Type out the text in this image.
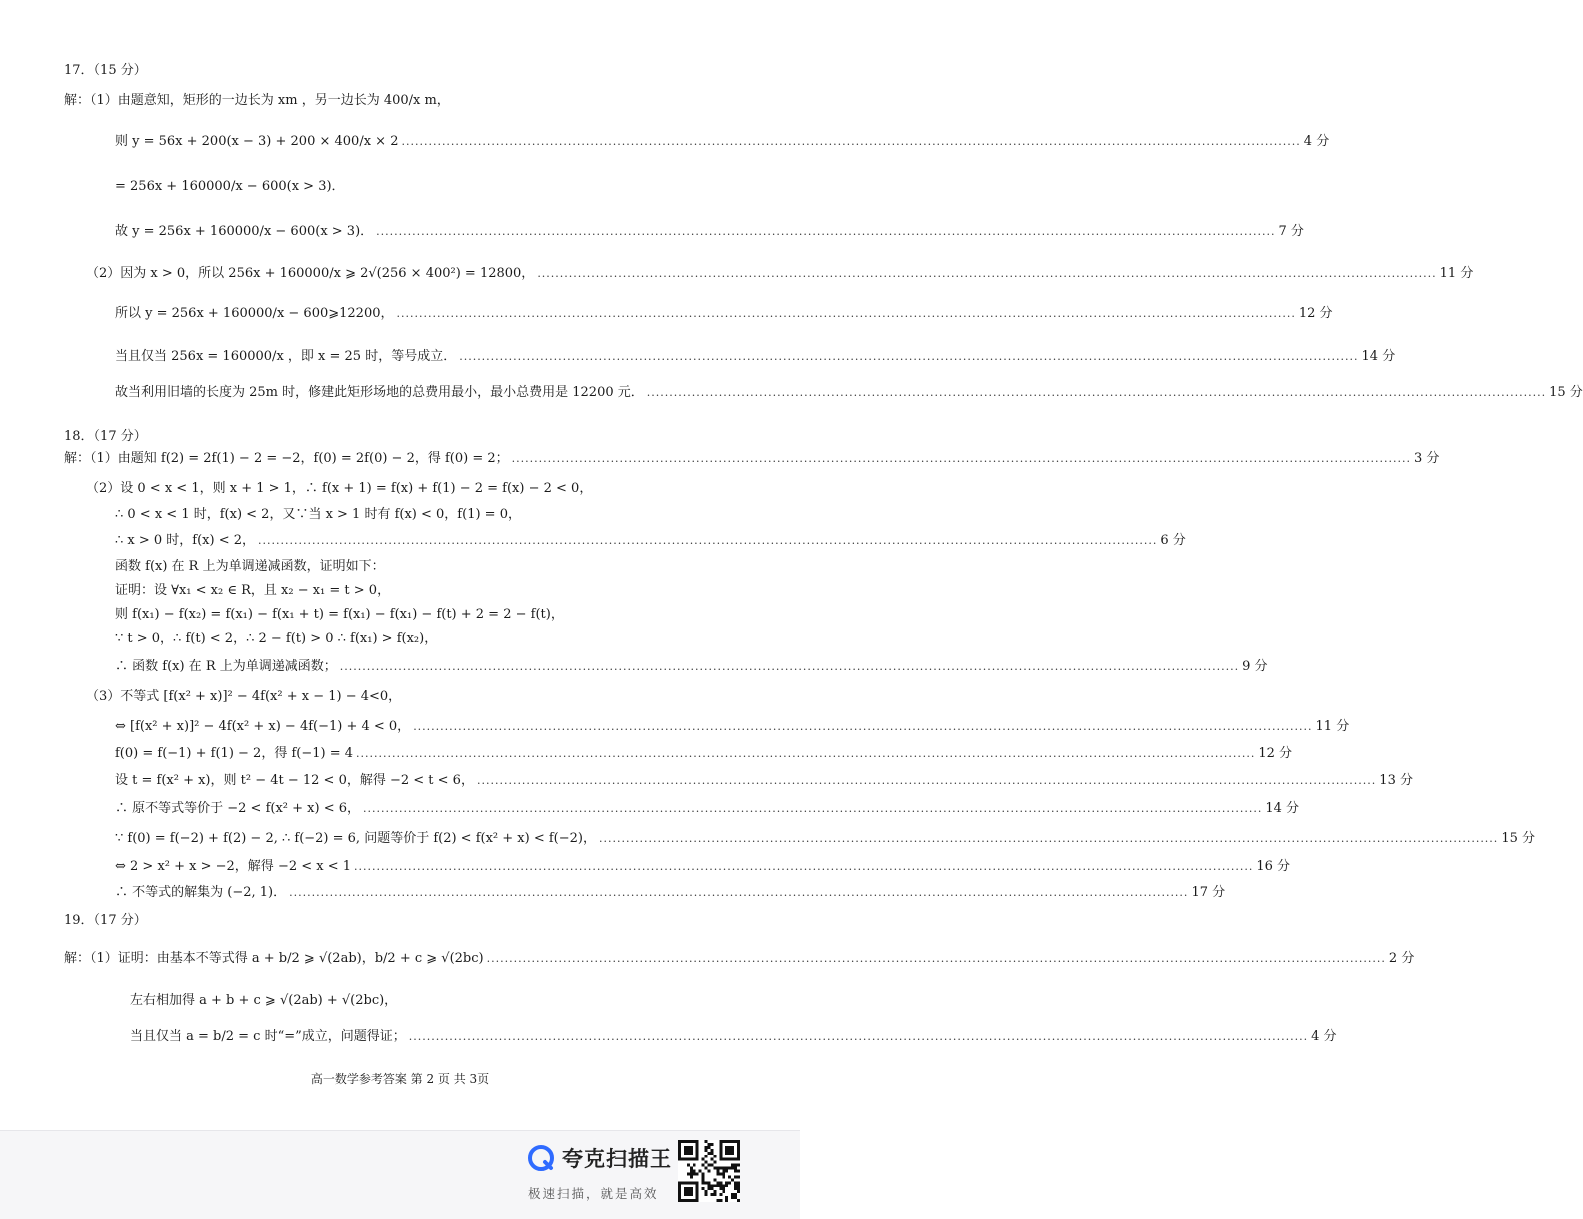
17．（15 分）
解：（1）由题意知，矩形的一边长为 xm ，另一边长为 400/x m，
则 y = 56x + 200(x − 3) + 200 × 400/x × 2 ........................................................................................................................................................................................................ 4 分
= 256x + 160000/x − 600(x > 3)．
故 y = 256x + 160000/x − 600(x > 3)． ........................................................................................................................................................................................................ 7 分
（2）因为 x > 0，所以 256x + 160000/x ⩾ 2√(256 × 400²) = 12800， ........................................................................................................................................................................................................ 11 分
所以 y = 256x + 160000/x − 600⩾12200， ........................................................................................................................................................................................................ 12 分
当且仅当 256x = 160000/x ，即 x = 25 时，等号成立． ........................................................................................................................................................................................................ 14 分
故当利用旧墙的长度为 25m 时，修建此矩形场地的总费用最小，最小总费用是 12200 元． ........................................................................................................................................................................................................ 15 分
18．（17 分）
解：（1）由题知 f(2) = 2f(1) − 2 = −2，f(0) = 2f(0) − 2，得 f(0) = 2； ........................................................................................................................................................................................................ 3 分
（2）设 0 < x < 1，则 x + 1 > 1，∴ f(x + 1) = f(x) + f(1) − 2 = f(x) − 2 < 0，
∴ 0 < x < 1 时，f(x) < 2，又∵当 x > 1 时有 f(x) < 0，f(1) = 0，
∴ x > 0 时，f(x) < 2， ........................................................................................................................................................................................................ 6 分
函数 f(x) 在 R 上为单调递减函数，证明如下：
证明：设 ∀x₁ < x₂ ∈ R，且 x₂ − x₁ = t > 0，
则 f(x₁) − f(x₂) = f(x₁) − f(x₁ + t) = f(x₁) − f(x₁) − f(t) + 2 = 2 − f(t)，
∵ t > 0，∴ f(t) < 2，∴ 2 − f(t) > 0 ∴ f(x₁) > f(x₂)，
∴ 函数 f(x) 在 R 上为单调递减函数； ........................................................................................................................................................................................................ 9 分
（3）不等式 [f(x² + x)]² − 4f(x² + x − 1) − 4<0，
⇔ [f(x² + x)]² − 4f(x² + x) − 4f(−1) + 4 < 0， ........................................................................................................................................................................................................ 11 分
f(0) = f(−1) + f(1) − 2，得 f(−1) = 4 ........................................................................................................................................................................................................ 12 分
设 t = f(x² + x)，则 t² − 4t − 12 < 0，解得 −2 < t < 6， ........................................................................................................................................................................................................ 13 分
∴ 原不等式等价于 −2 < f(x² + x) < 6， ........................................................................................................................................................................................................ 14 分
∵ f(0) = f(−2) + f(2) − 2, ∴ f(−2) = 6, 问题等价于 f(2) < f(x² + x) < f(−2)， ........................................................................................................................................................................................................ 15 分
⇔ 2 > x² + x > −2，解得 −2 < x < 1 ........................................................................................................................................................................................................ 16 分
∴ 不等式的解集为 (−2, 1)． ........................................................................................................................................................................................................ 17 分
19．（17 分）
解：（1）证明：由基本不等式得 a + b/2 ⩾ √(2ab)，b/2 + c ⩾ √(2bc) ........................................................................................................................................................................................................ 2 分
左右相加得 a + b + c ⩾ √(2ab) + √(2bc)，
当且仅当 a = b/2 = c 时“=”成立，问题得证； ........................................................................................................................................................................................................ 4 分
高一数学参考答案 第 2 页 共 3页
夸克扫描王
极速扫描，就是高效
